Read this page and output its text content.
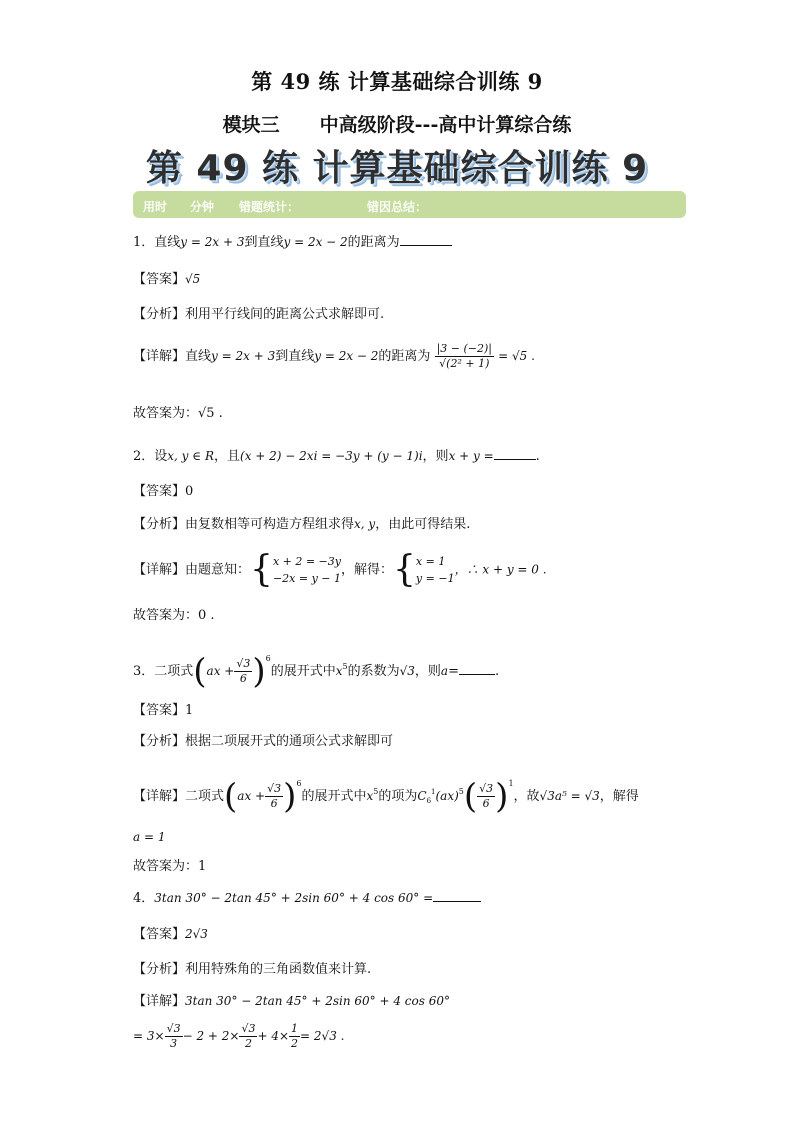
第 49 练 计算基础综合训练 9
模块三 中高级阶段---高中计算综合练
第 49 练 计算基础综合训练 9
用时 分钟 错题统计：	错因总结：
1．直线y = 2x + 3到直线y = 2x − 2的距离为
【答案】√5
【分析】利用平行线间的距离公式求解即可.
【详解】直线y = 2x + 3到直线y = 2x − 2的距离为 $\frac{|3 - (-2)|}{\text{√(2² + 1)}} = √5$ .
故答案为：√5 .
2．设x, y ∈ R，且(x + 2) − 2xi = −3y + (y − 1)i，则x + y =	.
【答案】0
【分析】由复数相等可构造方程组求得x, y，由此可得结果.
【详解】由题意知：{ x + 2 = −3y
−2x = y − 1
，解得：{ x = 1
y = −1
，∴ x + y = 0 .
故答案为：0 .
3．二项式$(ax + \frac{√3}{6} )^6$的展开式中$x^5$的系数为√3，则a=	.
【答案】1
【分析】根据二项展开式的通项公式求解即可
【详解】二项式$(ax + \frac{√3}{6} )^6$的展开式中$x^5$的项为$C_6^1(ax)^5( \frac{√3}{6} )^1$，故√3a⁵ = √3，解得
a = 1
故答案为：1
4．3tan 30° − 2tan 45° + 2sin 60° + 4 cos 60° =
【答案】2√3
【分析】利用特殊角的三角函数值来计算.
【详解】3tan 30° − 2tan 45° + 2sin 60° + 4 cos 60°
= $3\times \frac{√3}{3} - 2 + 2\times \frac{√3}{2} + 4\times \frac{1}{2} = 2√3$ .
